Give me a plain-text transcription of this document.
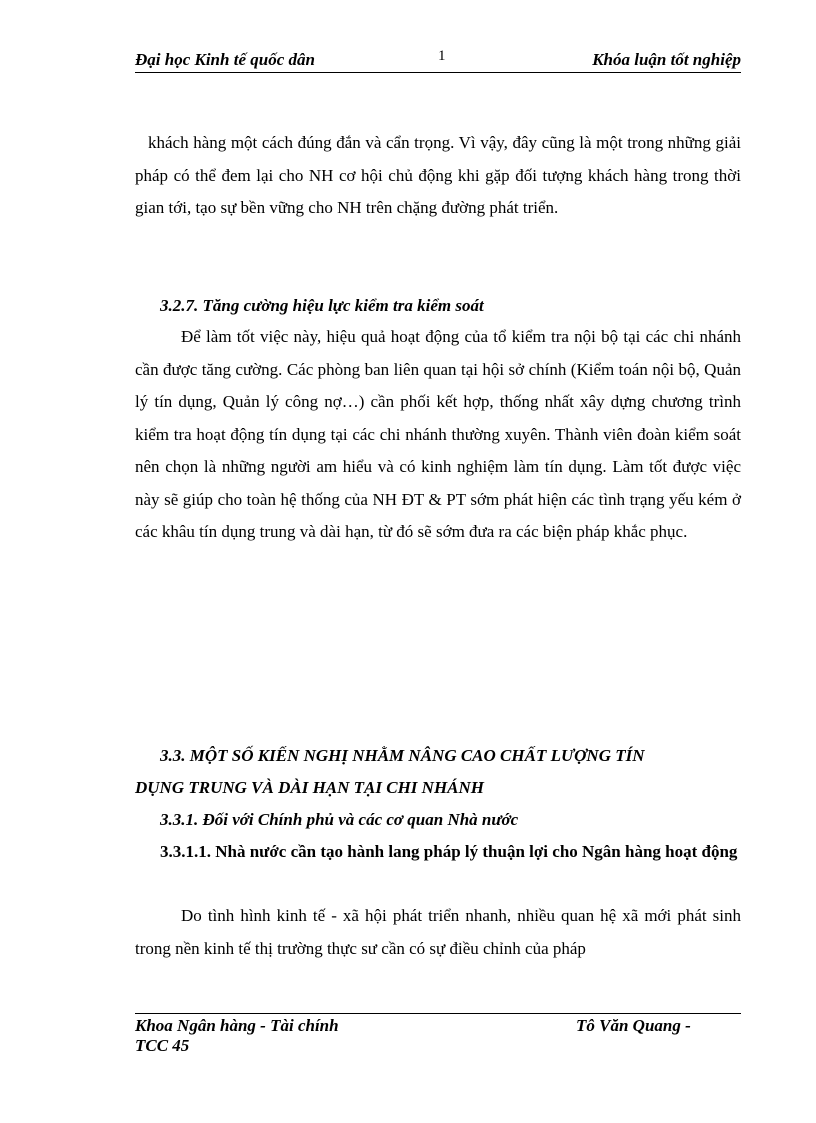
Đại học Kinh tế quốc dân	1	Khóa luận tốt nghiệp
khách hàng một cách đúng đắn và cẩn trọng. Vì vậy, đây cũng là một trong những giải pháp có thể đem lại cho NH cơ hội chủ động khi gặp đối tượng khách hàng trong thời gian tới, tạo sự bền vững cho NH trên chặng đường phát triển.
3.2.7. Tăng cường hiệu lực kiểm tra kiểm soát
Để làm tốt việc này, hiệu quả hoạt động của tổ kiểm tra nội bộ tại các chi nhánh cần được tăng cường. Các phòng ban liên quan tại hội sở chính (Kiểm toán nội bộ, Quản lý tín dụng, Quản lý công nợ…) cần phối kết hợp, thống nhất xây dựng chương trình kiểm tra hoạt động tín dụng tại các chi nhánh thường xuyên. Thành viên đoàn kiểm soát nên chọn là những người am hiểu và có kinh nghiệm làm tín dụng. Làm tốt được việc này sẽ giúp cho toàn hệ thống của NH ĐT & PT sớm phát hiện các tình trạng yếu kém ở các khâu tín dụng trung và dài hạn, từ đó sẽ sớm đưa ra các biện pháp khắc phục.
3.3. MỘT SỐ KIẾN NGHỊ NHẰM NÂNG CAO CHẤT LƯỢNG TÍN
DỤNG TRUNG VÀ DÀI HẠN TẠI CHI NHÁNH
3.3.1. Đối với Chính phủ và các cơ quan Nhà nước
3.3.1.1. Nhà nước cần tạo hành lang pháp lý thuận lợi cho Ngân hàng hoạt động
Do tình hình kinh tế - xã hội phát triển nhanh, nhiều quan hệ xã mới phát sinh trong nền kinh tế thị trường thực sư cần có sự điều chỉnh của pháp
Khoa Ngân hàng - Tài chính	Tô Văn Quang -
TCC 45
